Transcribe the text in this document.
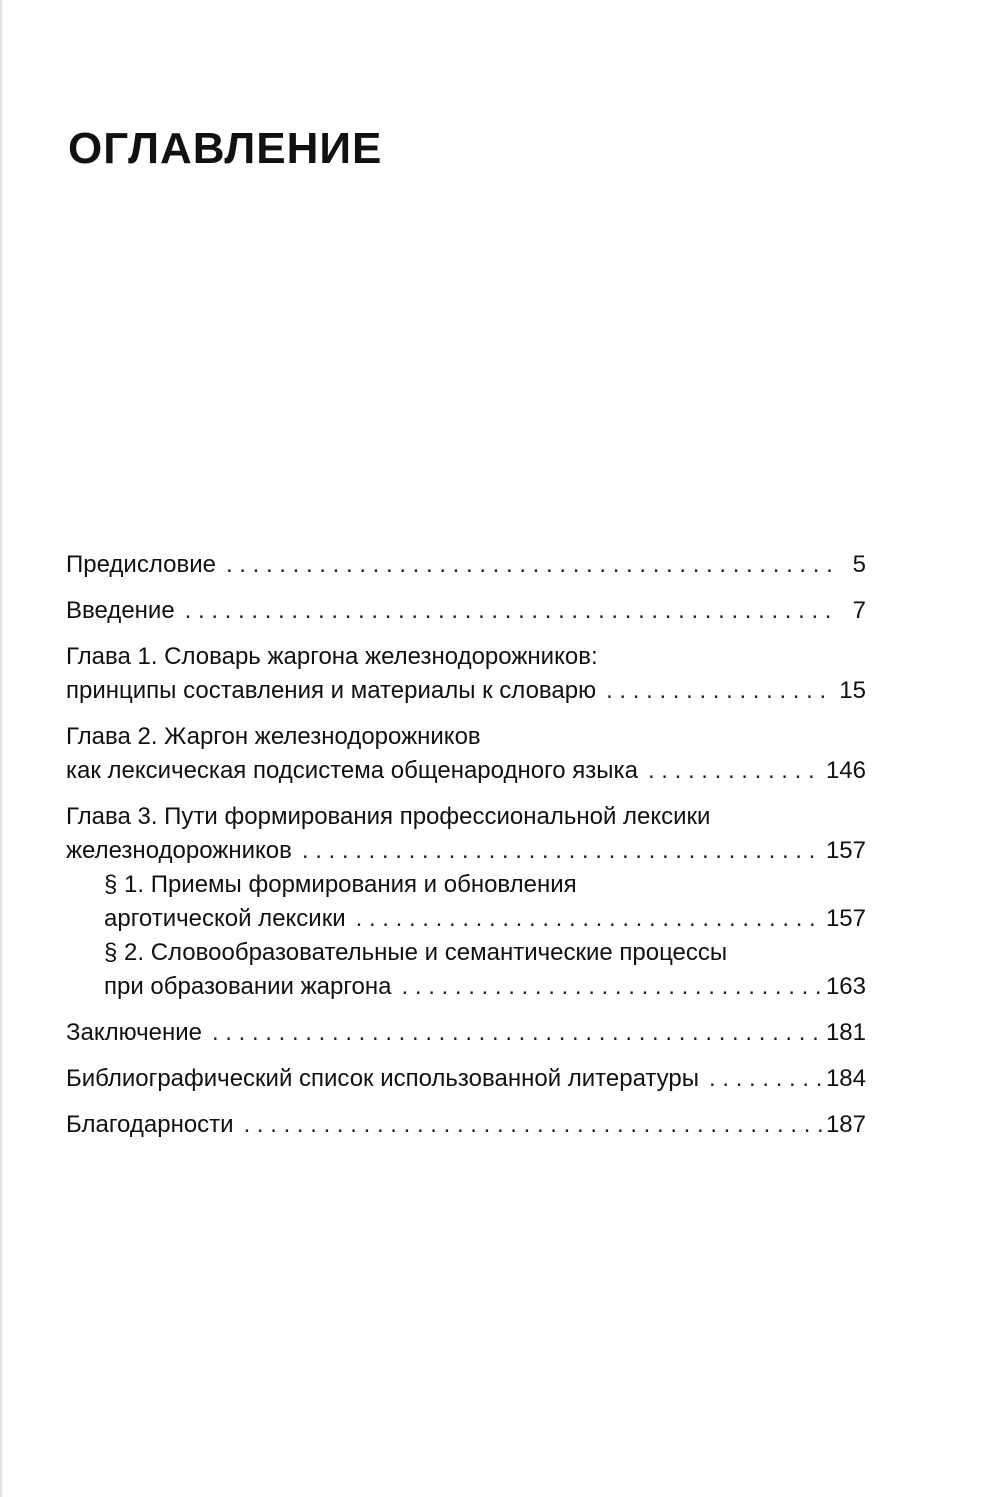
ОГЛАВЛЕНИЕ
Предисловие . . .	5
Введение . . .	7
Глава 1. Словарь жаргона железнодорожников:
принципы составления и материалы к словарю . . .	15
Глава 2. Жаргон железнодорожников
как лексическая подсистема общенародного языка . . .	146
Глава 3. Пути формирования профессиональной лексики
железнодорожников . . .	157
§ 1. Приемы формирования и обновления
арготической лексики . . .	157
§ 2. Словообразовательные и семантические процессы
при образовании жаргона . . .	163
Заключение . . .	181
Библиографический список использованной литературы . . .	184
Благодарности . . .	187
